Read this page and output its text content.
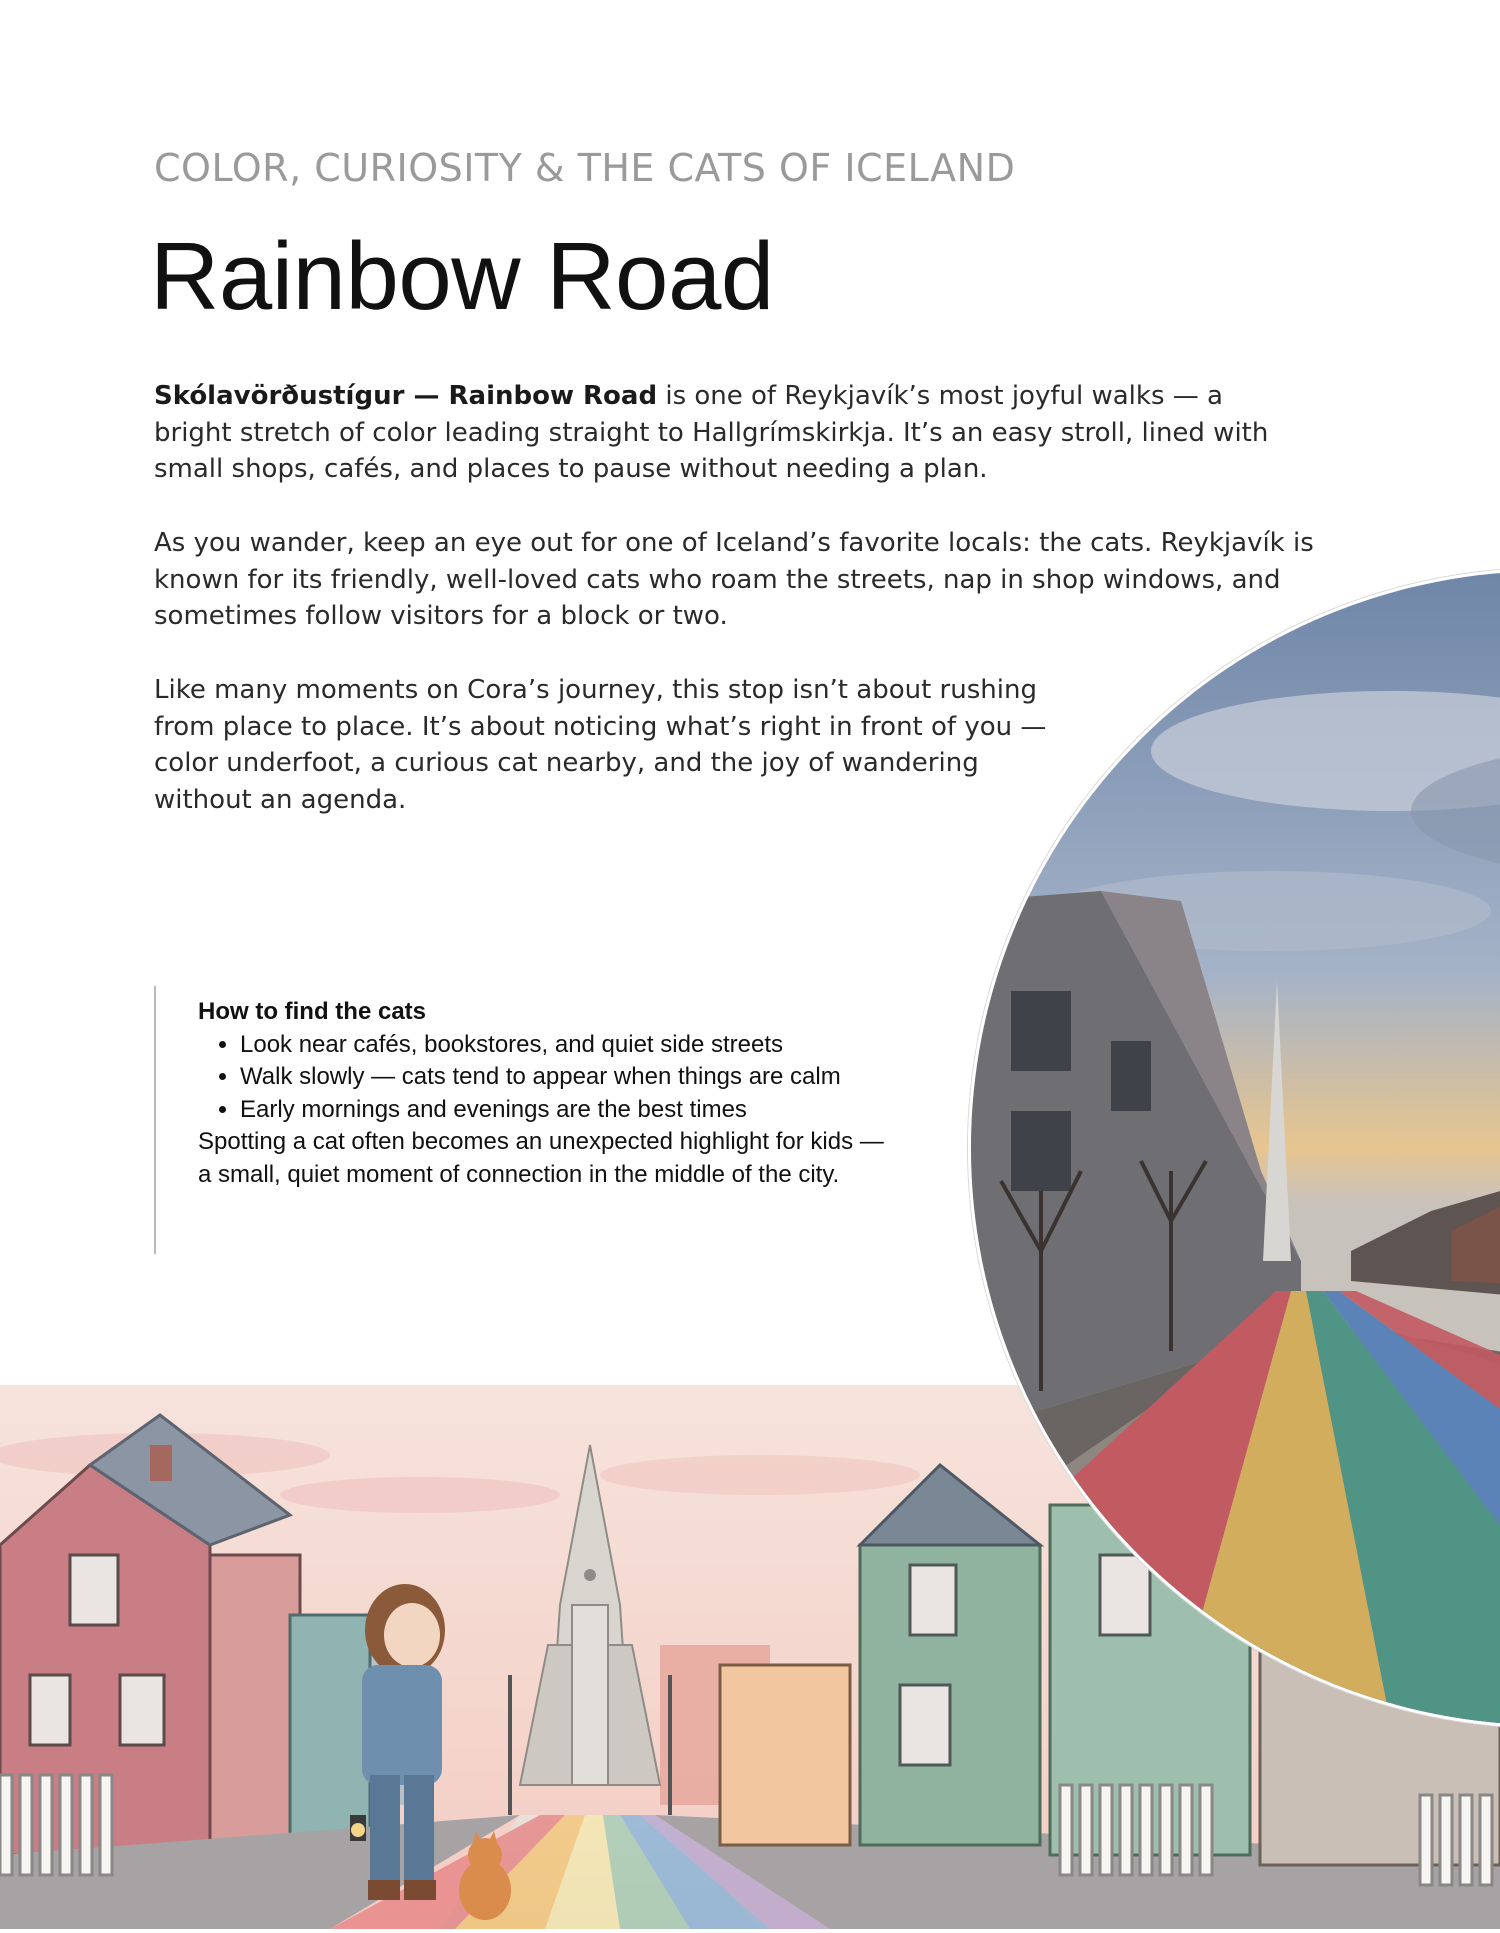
COLOR, CURIOSITY & THE CATS OF ICELAND
Rainbow Road

Skólavörðustígur — Rainbow Road is one of Reykjavík’s most joyful walks — a bright stretch of color leading straight to Hallgrímskirkja. It’s an easy stroll, lined with small shops, cafés, and places to pause without needing a plan.

As you wander, keep an eye out for one of Iceland’s favorite locals: the cats. Reykjavík is known for its friendly, well-loved cats who roam the streets, nap in shop windows, and sometimes follow visitors for a block or two.

Like many moments on Cora’s journey, this stop isn’t about rushing from place to place. It’s about noticing what’s right in front of you — color underfoot, a curious cat nearby, and the joy of wandering without an agenda.

How to find the cats

• Look near cafés, bookstores, and quiet side streets
• Walk slowly — cats tend to appear when things are calm
• Early mornings and evenings are the best times

Spotting a cat often becomes an unexpected highlight for kids — a small, quiet moment of connection in the middle of the city.
